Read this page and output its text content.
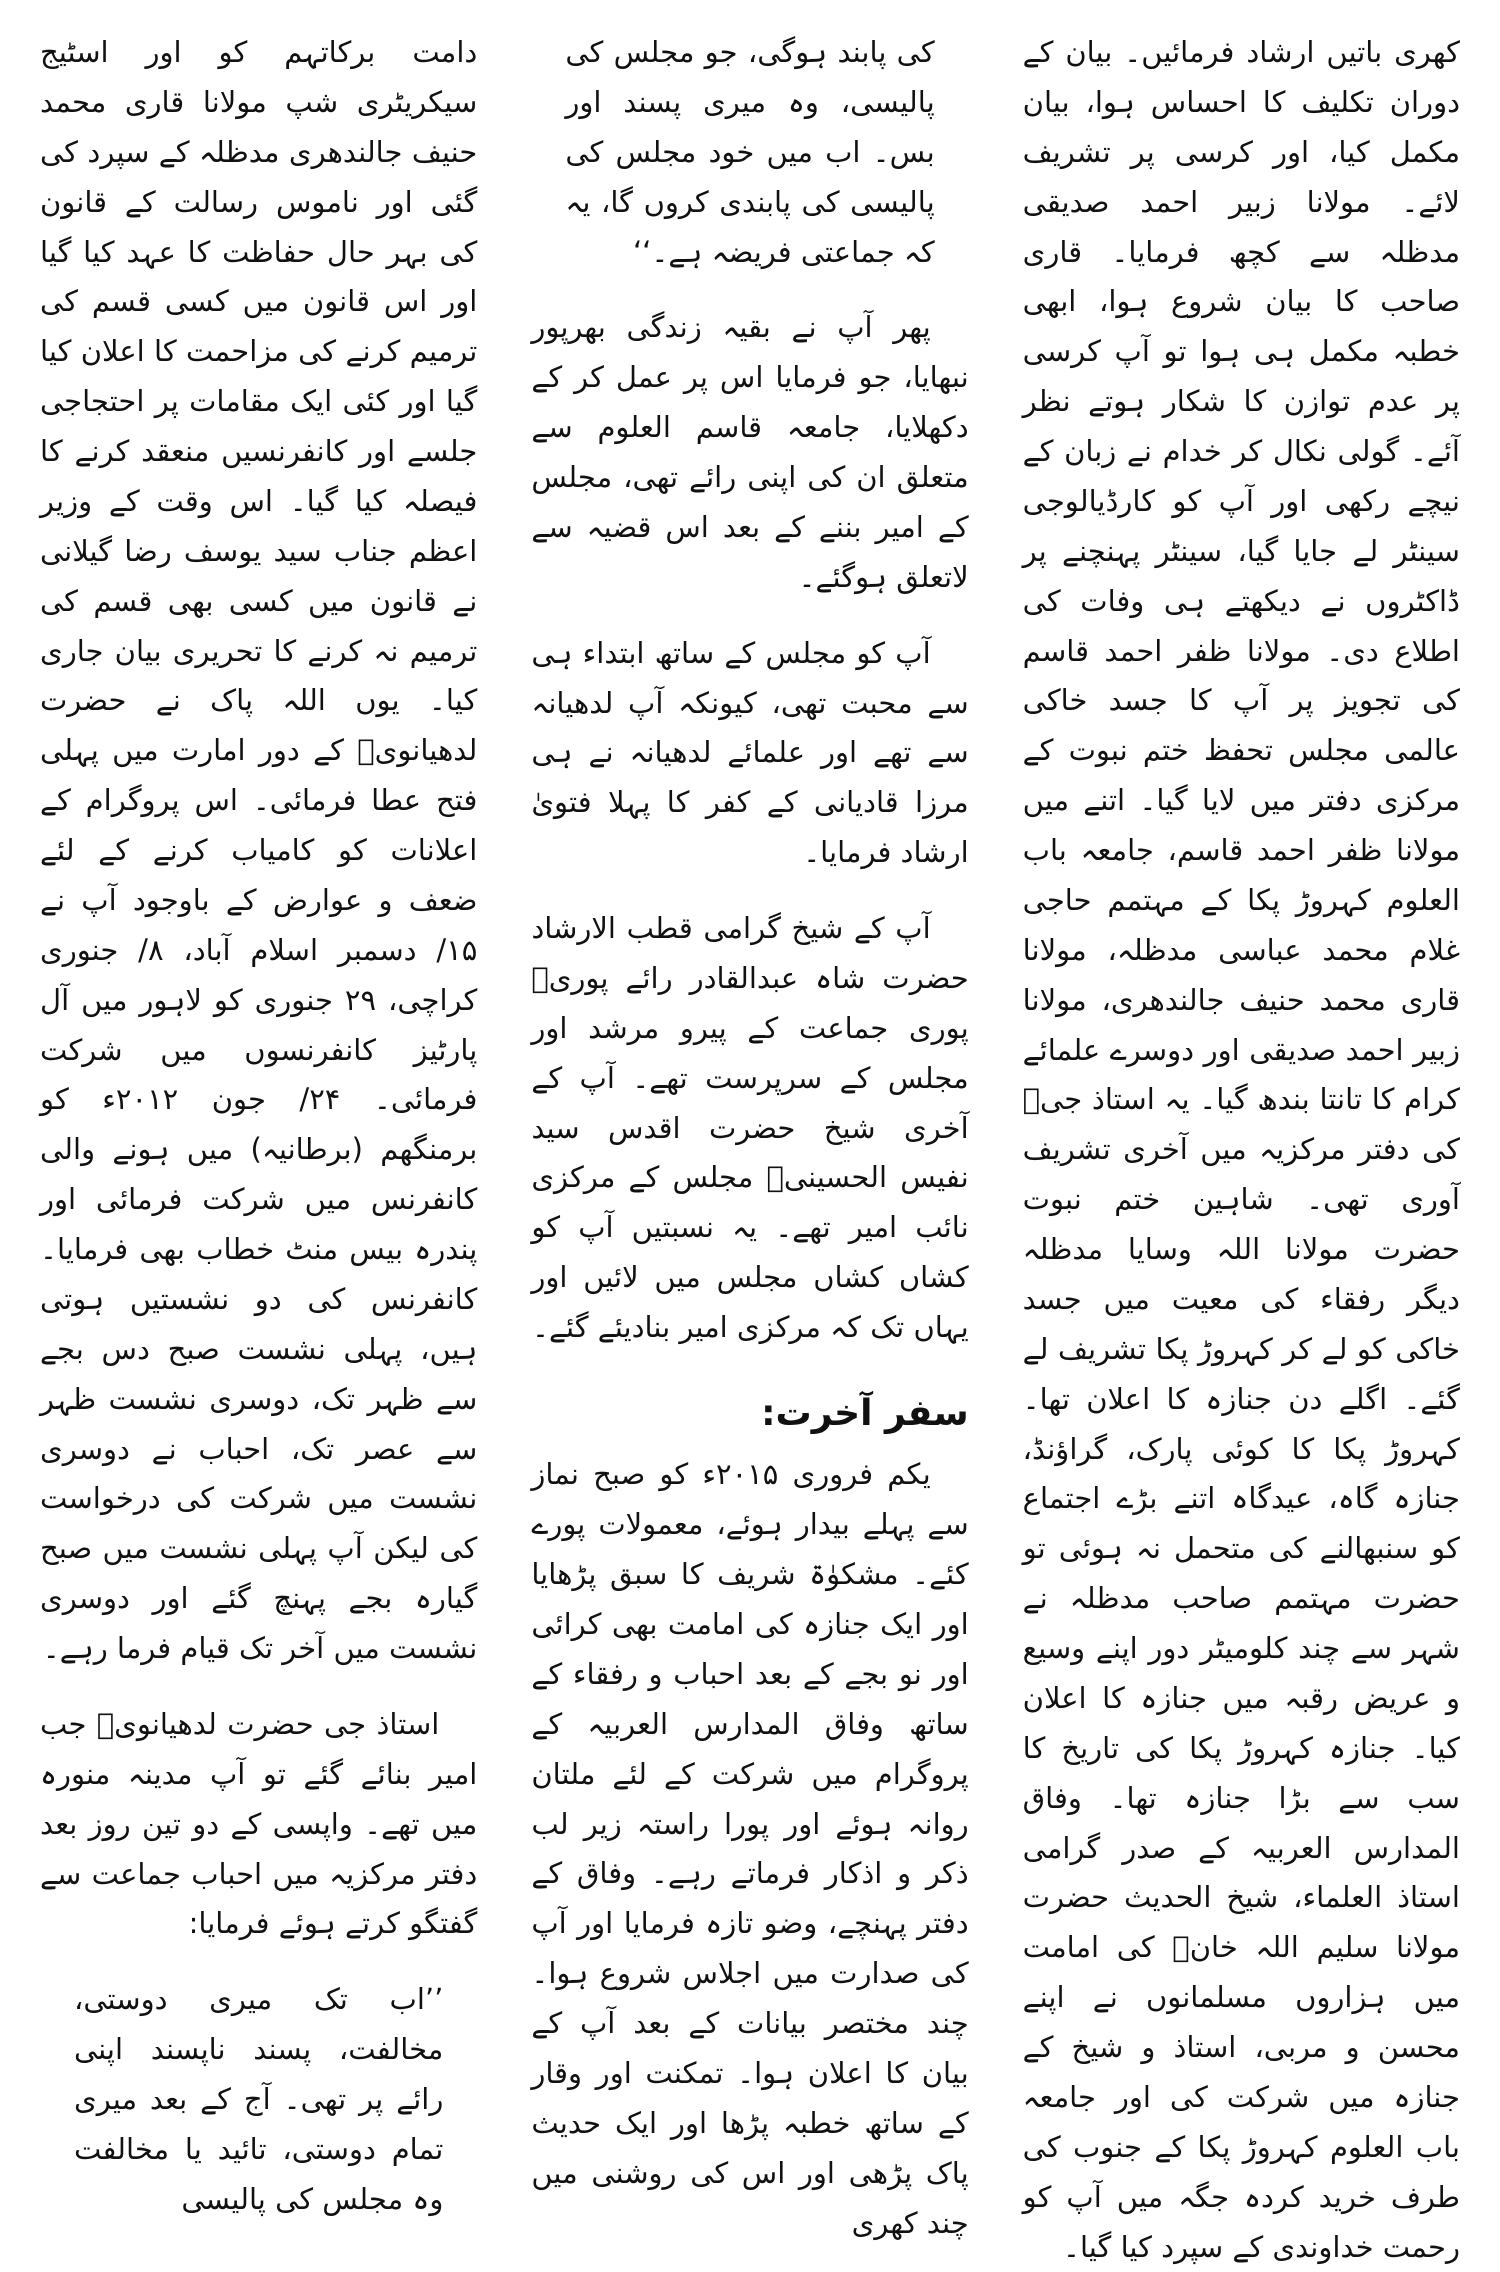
دامت برکاتہم کو اور اسٹیج سیکریٹری شپ مولانا قاری محمد حنیف جالندھری مدظلہ کے سپرد کی گئی اور ناموس رسالت کے قانون کی بہر حال حفاظت کا عہد کیا گیا اور اس قانون میں کسی قسم کی ترمیم کرنے کی مزاحمت کا اعلان کیا گیا اور کئی ایک مقامات پر احتجاجی جلسے اور کانفرنسیں منعقد کرنے کا فیصلہ کیا گیا۔ اس وقت کے وزیر اعظم جناب سید یوسف رضا گیلانی نے قانون میں کسی بھی قسم کی ترمیم نہ کرنے کا تحریری بیان جاری کیا۔ یوں اللہ پاک نے حضرت لدھیانویؒ کے دور امارت میں پہلی فتح عطا فرمائی۔ اس پروگرام کے اعلانات کو کامیاب کرنے کے لئے ضعف و عوارض کے باوجود آپ نے ۱۵/ دسمبر اسلام آباد، ۸/ جنوری کراچی، ۲۹ جنوری کو لاہور میں آل پارٹیز کانفرنسوں میں شرکت فرمائی۔ ۲۴/ جون ۲۰۱۲ء کو برمنگھم (برطانیہ) میں ہونے والی کانفرنس میں شرکت فرمائی اور پندرہ بیس منٹ خطاب بھی فرمایا۔ کانفرنس کی دو نشستیں ہوتی ہیں، پہلی نشست صبح دس بجے سے ظہر تک، دوسری نشست ظہر سے عصر تک، احباب نے دوسری نشست میں شرکت کی درخواست کی لیکن آپ پہلی نشست میں صبح گیارہ بجے پہنچ گئے اور دوسری نشست میں آخر تک قیام فرما رہے۔

استاذ جی حضرت لدھیانویؒ جب امیر بنائے گئے تو آپ مدینہ منورہ میں تھے۔ واپسی کے دو تین روز بعد دفتر مرکزیہ میں احباب جماعت سے گفتگو کرتے ہوئے فرمایا:

’’اب تک میری دوستی، مخالفت، پسند ناپسند اپنی رائے پر تھی۔ آج کے بعد میری تمام دوستی، تائید یا مخالفت وہ مجلس کی پالیسی

کی پابند ہوگی، جو مجلس کی پالیسی، وہ میری پسند اور بس۔ اب میں خود مجلس کی پالیسی کی پابندی کروں گا، یہ کہ جماعتی فریضہ ہے۔‘‘

پھر آپ نے بقیہ زندگی بھرپور نبھایا، جو فرمایا اس پر عمل کر کے دکھلایا، جامعہ قاسم العلوم سے متعلق ان کی اپنی رائے تھی، مجلس کے امیر بننے کے بعد اس قضیہ سے لاتعلق ہوگئے۔

آپ کو مجلس کے ساتھ ابتداء ہی سے محبت تھی، کیونکہ آپ لدھیانہ سے تھے اور علمائے لدھیانہ نے ہی مرزا قادیانی کے کفر کا پہلا فتویٰ ارشاد فرمایا۔

آپ کے شیخ گرامی قطب الارشاد حضرت شاہ عبدالقادر رائے پوریؒ پوری جماعت کے پیرو مرشد اور مجلس کے سرپرست تھے۔ آپ کے آخری شیخ حضرت اقدس سید نفیس الحسینیؒ مجلس کے مرکزی نائب امیر تھے۔ یہ نسبتیں آپ کو کشاں کشاں مجلس میں لائیں اور یہاں تک کہ مرکزی امیر بنادیئے گئے۔

سفر آخرت:

یکم فروری ۲۰۱۵ء کو صبح نماز سے پہلے بیدار ہوئے، معمولات پورے کئے۔ مشکوٰۃ شریف کا سبق پڑھایا اور ایک جنازہ کی امامت بھی کرائی اور نو بجے کے بعد احباب و رفقاء کے ساتھ وفاق المدارس العربیہ کے پروگرام میں شرکت کے لئے ملتان روانہ ہوئے اور پورا راستہ زیر لب ذکر و اذکار فرماتے رہے۔ وفاق کے دفتر پہنچے، وضو تازہ فرمایا اور آپ کی صدارت میں اجلاس شروع ہوا۔ چند مختصر بیانات کے بعد آپ کے بیان کا اعلان ہوا۔ تمکنت اور وقار کے ساتھ خطبہ پڑھا اور ایک حدیث پاک پڑھی اور اس کی روشنی میں چند کھری

کھری باتیں ارشاد فرمائیں۔ بیان کے دوران تکلیف کا احساس ہوا، بیان مکمل کیا، اور کرسی پر تشریف لائے۔ مولانا زبیر احمد صدیقی مدظلہ سے کچھ فرمایا۔ قاری صاحب کا بیان شروع ہوا، ابھی خطبہ مکمل ہی ہوا تو آپ کرسی پر عدم توازن کا شکار ہوتے نظر آئے۔ گولی نکال کر خدام نے زبان کے نیچے رکھی اور آپ کو کارڈیالوجی سینٹر لے جایا گیا، سینٹر پہنچنے پر ڈاکٹروں نے دیکھتے ہی وفات کی اطلاع دی۔ مولانا ظفر احمد قاسم کی تجویز پر آپ کا جسد خاکی عالمی مجلس تحفظ ختم نبوت کے مرکزی دفتر میں لایا گیا۔ اتنے میں مولانا ظفر احمد قاسم، جامعہ باب العلوم کہروڑ پکا کے مہتمم حاجی غلام محمد عباسی مدظلہ، مولانا قاری محمد حنیف جالندھری، مولانا زبیر احمد صدیقی اور دوسرے علمائے کرام کا تانتا بندھ گیا۔ یہ استاذ جیؒ کی دفتر مرکزیہ میں آخری تشریف آوری تھی۔ شاہین ختم نبوت حضرت مولانا اللہ وسایا مدظلہ دیگر رفقاء کی معیت میں جسد خاکی کو لے کر کہروڑ پکا تشریف لے گئے۔ اگلے دن جنازہ کا اعلان تھا۔ کہروڑ پکا کا کوئی پارک، گراؤنڈ، جنازہ گاہ، عیدگاہ اتنے بڑے اجتماع کو سنبھالنے کی متحمل نہ ہوئی تو حضرت مہتمم صاحب مدظلہ نے شہر سے چند کلومیٹر دور اپنے وسیع و عریض رقبہ میں جنازہ کا اعلان کیا۔ جنازہ کہروڑ پکا کی تاریخ کا سب سے بڑا جنازہ تھا۔ وفاق المدارس العربیہ کے صدر گرامی استاذ العلماء، شیخ الحدیث حضرت مولانا سلیم اللہ خانؒ کی امامت میں ہزاروں مسلمانوں نے اپنے محسن و مربی، استاذ و شیخ کے جنازہ میں شرکت کی اور جامعہ باب العلوم کہروڑ پکا کے جنوب کی طرف خرید کردہ جگہ میں آپ کو رحمت خداوندی کے سپرد کیا گیا۔
